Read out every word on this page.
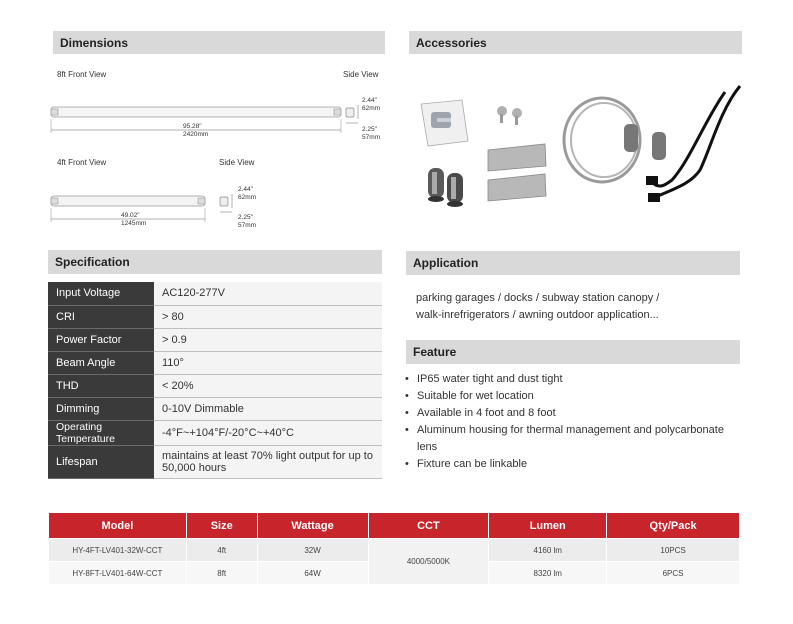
Dimensions
8ft Front View	Side View
95.28"
2420mm
2.44"
62mm
2.25"
57mm
4ft Front View	Side View
49.02"
1245mm
2.44"
62mm
2.25"
57mm
Accessories
Specification
Input Voltage	AC120-277V
CRI	> 80
Power Factor	> 0.9
Beam Angle	110°
THD	< 20%
Dimming	0-10V Dimmable
Operating Temperature	-4°F~+104°F/-20°C~+40°C
Lifespan	maintains at least 70% light output for up to 50,000 hours
Application
parking garages / docks / subway station canopy /
walk-inrefrigerators / awning outdoor application...
Feature
• IP65 water tight and dust tight
• Suitable for wet location
• Available in 4 foot and 8 foot
• Aluminum housing for thermal management and polycarbonate lens
• Fixture can be linkable
Model	Size	Wattage	CCT	Lumen	Qty/Pack
HY-4FT-LV401-32W-CCT	4ft	32W	4000/5000K	4160 lm	10PCS
HY-8FT-LV401-64W-CCT	8ft	64W		8320 lm	6PCS
